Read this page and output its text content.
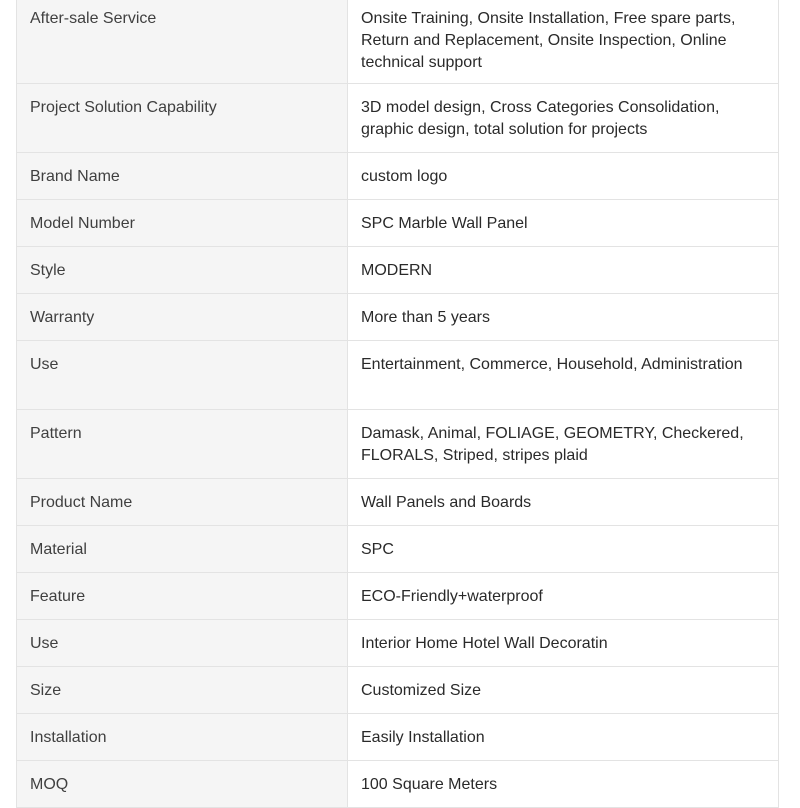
After-sale Service	Onsite Training, Onsite Installation, Free spare parts, Return and Replacement, Onsite Inspection, Online technical support
Project Solution Capability	3D model design, Cross Categories Consolidation, graphic design, total solution for projects
Brand Name	custom logo
Model Number	SPC Marble Wall Panel
Style	MODERN
Warranty	More than 5 years
Use	Entertainment, Commerce, Household, Administration
Pattern	Damask, Animal, FOLIAGE, GEOMETRY, Checkered, FLORALS, Striped, stripes plaid
Product Name	Wall Panels and Boards
Material	SPC
Feature	ECO-Friendly+waterproof
Use	Interior Home Hotel Wall Decoratin
Size	Customized Size
Installation	Easily Installation
MOQ	100 Square Meters
